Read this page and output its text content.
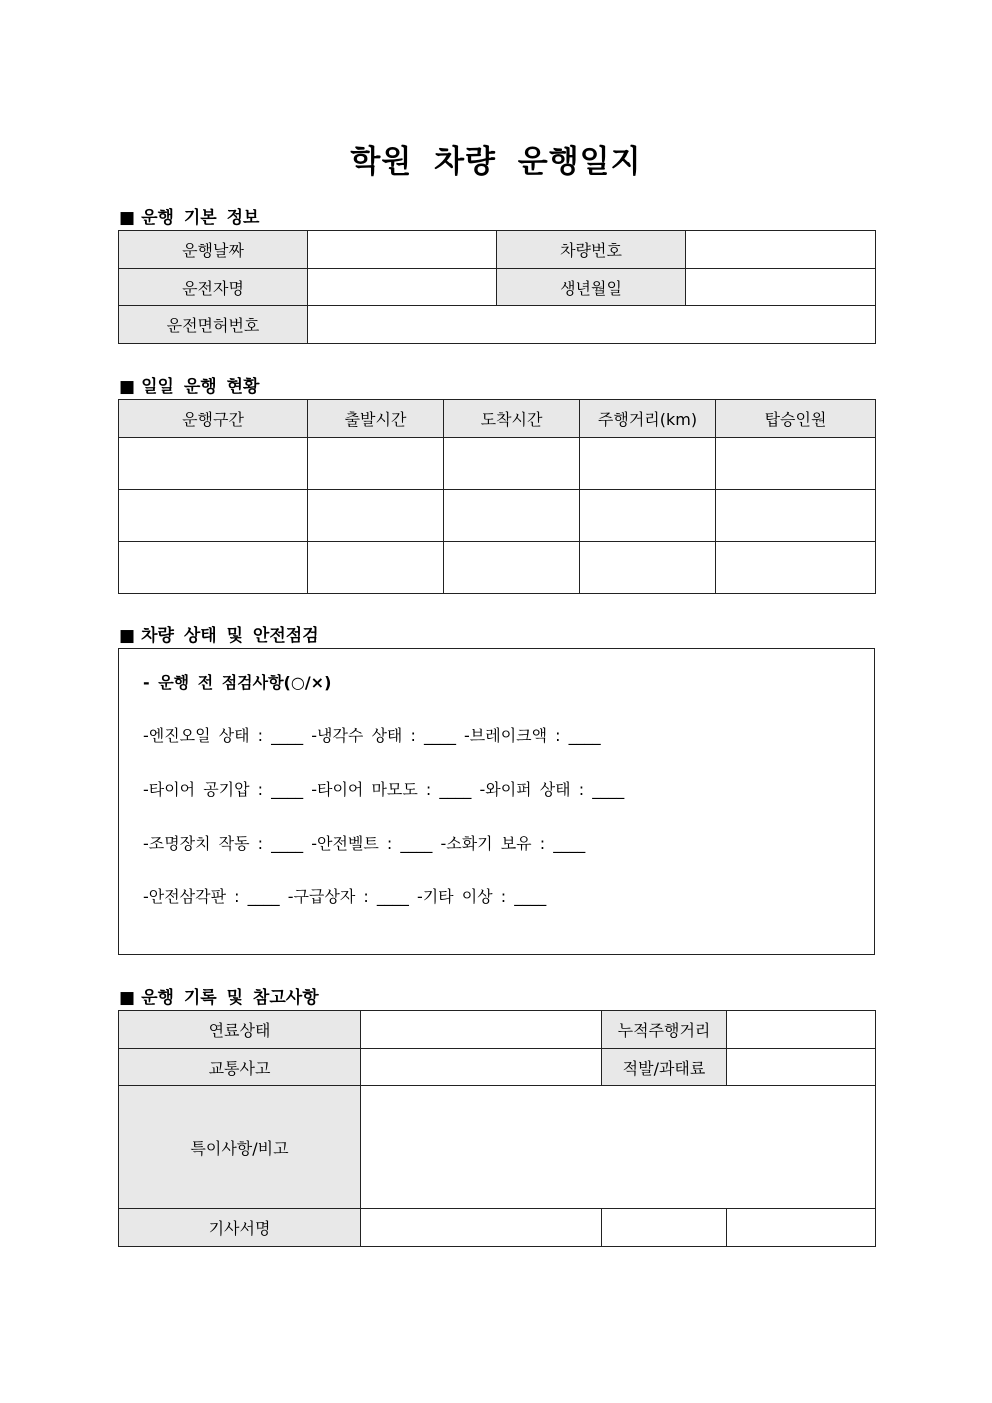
학원 차량 운행일지
■ 운행 기본 정보
운행날짜		차량번호	
운전자명		생년월일	
운전면허번호			
■ 일일 운행 현황
운행구간	출발시간	도착시간	주행거리(km)	탑승인원

■ 차량 상태 및 안전점검
- 운행 전 점검사항(○/×)
-엔진오일 상태 : ____ -냉각수 상태 : ____ -브레이크액 : ____
-타이어 공기압 : ____ -타이어 마모도 : ____ -와이퍼 상태 : ____
-조명장치 작동 : ____ -안전벨트 : ____ -소화기 보유 : ____
-안전삼각판 : ____ -구급상자 : ____ -기타 이상 : ____
■ 운행 기록 및 참고사항
연료상태		누적주행거리	
교통사고		적발/과태료	
특이사항/비고			
기사서명			
